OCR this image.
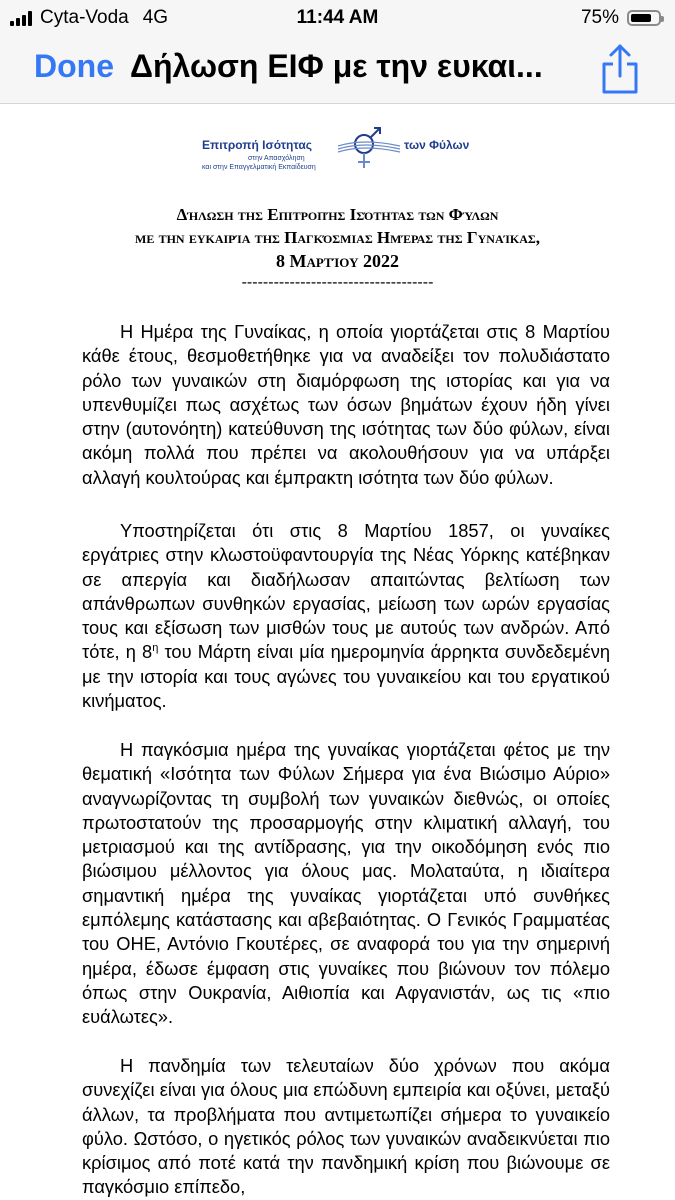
Cyta-Voda 4G	11:44 AM	75%
Done Δήλωση ΕΙΦ με την ευκαι...
Επιτροπή Ισότητας
στην Απασχόληση
και στην Επαγγελματική Εκπαίδευση
των Φύλων
Δήλωση της Επιτροπής Ισότητας των Φύλων
με την ευκαιρία της Παγκόσμιας Ημέρας της Γυναίκας,
8 Μαρτίου 2022
------------------------------------
Η Ημέρα της Γυναίκας, η οποία γιορτάζεται στις 8 Μαρτίου κάθε έτους, θεσμοθετήθηκε για να αναδείξει τον πολυδιάστατο ρόλο των γυναικών στη διαμόρφωση της ιστορίας και για να υπενθυμίζει πως ασχέτως των όσων βημάτων έχουν ήδη γίνει στην (αυτονόητη) κατεύθυνση της ισότητας των δύο φύλων, είναι ακόμη πολλά που πρέπει να ακολουθήσουν για να υπάρξει αλλαγή κουλτούρας και έμπρακτη ισότητα των δύο φύλων.
Υποστηρίζεται ότι στις 8 Μαρτίου 1857, οι γυναίκες εργάτριες στην κλωστοϋφαντουργία της Νέας Υόρκης κατέβηκαν σε απεργία και διαδήλωσαν απαιτώντας βελτίωση των απάνθρωπων συνθηκών εργασίας, μείωση των ωρών εργασίας τους και εξίσωση των μισθών τους με αυτούς των ανδρών. Από τότε, η $8^\eta$ του Μάρτη είναι μία ημερομηνία άρρηκτα συνδεδεμένη με την ιστορία και τους αγώνες του γυναικείου και του εργατικού κινήματος.
Η παγκόσμια ημέρα της γυναίκας γιορτάζεται φέτος με την θεματική «Ισότητα των Φύλων Σήμερα για ένα Βιώσιμο Αύριο» αναγνωρίζοντας τη συμβολή των γυναικών διεθνώς, οι οποίες πρωτοστατούν της προσαρμογής στην κλιματική αλλαγή, του μετριασμού και της αντίδρασης, για την οικοδόμηση ενός πιο βιώσιμου μέλλοντος για όλους μας. Μολαταύτα, η ιδιαίτερα σημαντική ημέρα της γυναίκας γιορτάζεται υπό συνθήκες εμπόλεμης κατάστασης και αβεβαιότητας. Ο Γενικός Γραμματέας του ΟΗΕ, Αντόνιο Γκουτέρες, σε αναφορά του για την σημερινή ημέρα, έδωσε έμφαση στις γυναίκες που βιώνουν τον πόλεμο όπως στην Ουκρανία, Αιθιοπία και Αφγανιστάν, ως τις «πιο ευάλωτες».
Η πανδημία των τελευταίων δύο χρόνων που ακόμα συνεχίζει είναι για όλους μια επώδυνη εμπειρία και οξύνει, μεταξύ άλλων, τα προβλήματα που αντιμετωπίζει σήμερα το γυναικείο φύλο. Ωστόσο, ο ηγετικός ρόλος των γυναικών αναδεικνύεται πιο κρίσιμος από ποτέ κατά την πανδημική κρίση που βιώνουμε σε παγκόσμιο επίπεδο,
